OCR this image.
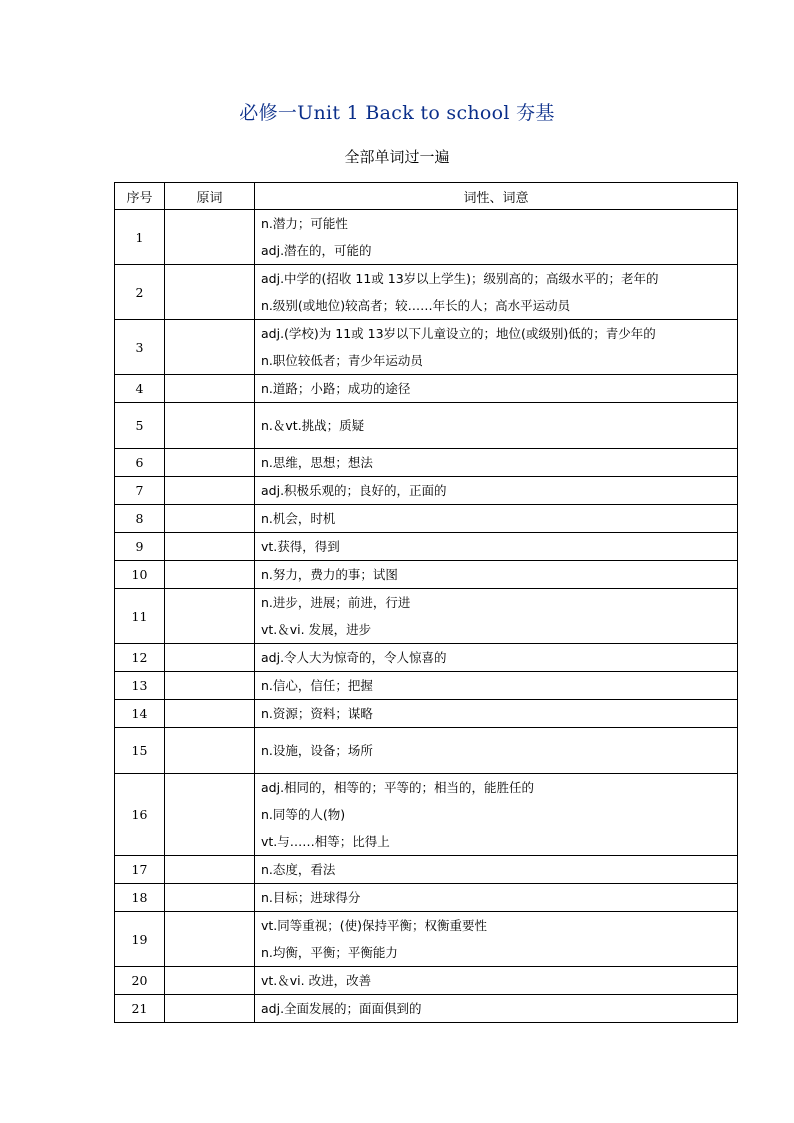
必修一Unit 1 Back to school 夯基
全部单词过一遍
序号	原词	词性、词意
1		n.潜力；可能性
adj.潜在的，可能的

2		adj.中学的(招收 11或 13岁以上学生)；级别高的；高级水平的；老年的
n.级别(或地位)较高者；较……年长的人；高水平运动员

3		adj.(学校)为 11或 13岁以下儿童设立的；地位(或级别)低的；青少年的
n.职位较低者；青少年运动员

4		n.道路；小路；成功的途径

5		n.＆vt.挑战；质疑

6		n.思维，思想；想法

7		adj.积极乐观的；良好的，正面的

8		n.机会，时机

9		vt.获得，得到

10		n.努力，费力的事；试图

11		n.进步，进展；前进，行进
vt.＆vi. 发展，进步

12		adj.令人大为惊奇的，令人惊喜的

13		n.信心，信任；把握

14		n.资源；资料；谋略

15		n.设施，设备；场所

16		adj.相同的，相等的；平等的；相当的，能胜任的
n.同等的人(物)
vt.与……相等；比得上

17		n.态度，看法

18		n.目标；进球得分

19		vt.同等重视；(使)保持平衡；权衡重要性
n.均衡，平衡；平衡能力

20		vt.＆vi. 改进，改善

21		adj.全面发展的；面面俱到的
